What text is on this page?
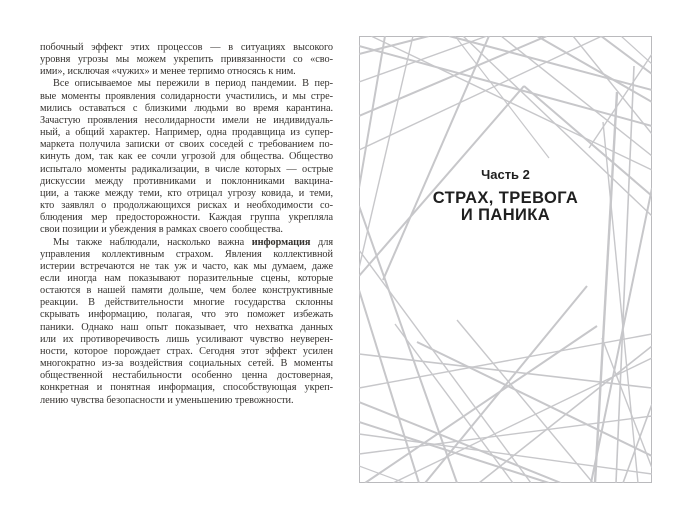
побочный эффект этих процессов — в ситуациях высокого
уровня угрозы мы можем укрепить привязанности со «сво-
ими», исключая «чужих» и менее терпимо относясь к ним.
Все описываемое мы пережили в период пандемии. В пер-
вые моменты проявления солидарности участились, и мы стре-
мились оставаться с близкими людьми во время карантина.
Зачастую проявления несолидарности имели не индивидуаль-
ный, а общий характер. Например, одна продавщица из супер-
маркета получила записки от своих соседей с требованием по-
кинуть дом, так как ее сочли угрозой для общества. Общество
испытало моменты радикализации, в числе которых — острые
дискуссии между противниками и поклонниками вакцина-
ции, а также между теми, кто отрицал угрозу ковида, и теми,
кто заявлял о продолжающихся рисках и необходимости со-
блюдения мер предосторожности. Каждая группа укрепляла
свои позиции и убеждения в рамках своего сообщества.
Мы также наблюдали, насколько важна информация для
управления коллективным страхом. Явления коллективной
истерии встречаются не так уж и часто, как мы думаем, даже
если иногда нам показывают поразительные сцены, которые
остаются в нашей памяти дольше, чем более конструктивные
реакции. В действительности многие государства склонны
скрывать информацию, полагая, что это поможет избежать
паники. Однако наш опыт показывает, что нехватка данных
или их противоречивость лишь усиливают чувство неуверен-
ности, которое порождает страх. Сегодня этот эффект усилен
многократно из-за воздействия социальных сетей. В моменты
общественной нестабильности особенно ценна достоверная,
конкретная и понятная информация, способствующая укреп-
лению чувства безопасности и уменьшению тревожности.
Часть 2
СТРАХ, ТРЕВОГА
И ПАНИКА
